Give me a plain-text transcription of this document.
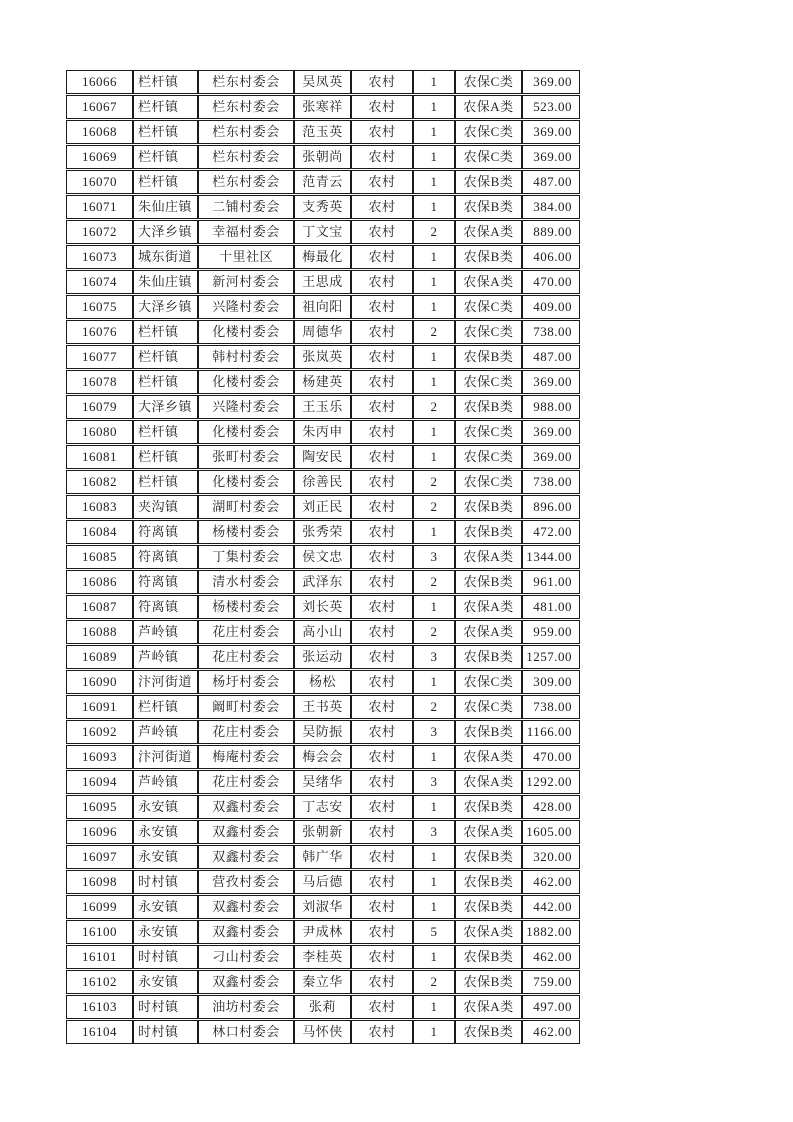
16066	栏杆镇	栏东村委会	吴凤英	农村	1	农保C类	369.00
16067	栏杆镇	栏东村委会	张寒祥	农村	1	农保A类	523.00
16068	栏杆镇	栏东村委会	范玉英	农村	1	农保C类	369.00
16069	栏杆镇	栏东村委会	张朝尚	农村	1	农保C类	369.00
16070	栏杆镇	栏东村委会	范青云	农村	1	农保B类	487.00
16071	朱仙庄镇	二铺村委会	支秀英	农村	1	农保B类	384.00
16072	大泽乡镇	幸福村委会	丁文宝	农村	2	农保A类	889.00
16073	城东街道	十里社区	梅最化	农村	1	农保B类	406.00
16074	朱仙庄镇	新河村委会	王思成	农村	1	农保A类	470.00
16075	大泽乡镇	兴隆村委会	祖向阳	农村	1	农保C类	409.00
16076	栏杆镇	化楼村委会	周德华	农村	2	农保C类	738.00
16077	栏杆镇	韩村村委会	张岚英	农村	1	农保B类	487.00
16078	栏杆镇	化楼村委会	杨建英	农村	1	农保C类	369.00
16079	大泽乡镇	兴隆村委会	王玉乐	农村	2	农保B类	988.00
16080	栏杆镇	化楼村委会	朱丙申	农村	1	农保C类	369.00
16081	栏杆镇	张町村委会	陶安民	农村	1	农保C类	369.00
16082	栏杆镇	化楼村委会	徐善民	农村	2	农保C类	738.00
16083	夹沟镇	湖町村委会	刘正民	农村	2	农保B类	896.00
16084	符离镇	杨楼村委会	张秀荣	农村	1	农保B类	472.00
16085	符离镇	丁集村委会	侯文忠	农村	3	农保A类	1344.00
16086	符离镇	清水村委会	武泽东	农村	2	农保B类	961.00
16087	符离镇	杨楼村委会	刘长英	农村	1	农保A类	481.00
16088	芦岭镇	花庄村委会	高小山	农村	2	农保A类	959.00
16089	芦岭镇	花庄村委会	张运动	农村	3	农保B类	1257.00
16090	汴河街道	杨圩村委会	杨松	农村	1	农保C类	309.00
16091	栏杆镇	阚町村委会	王书英	农村	2	农保C类	738.00
16092	芦岭镇	花庄村委会	吴防振	农村	3	农保B类	1166.00
16093	汴河街道	梅庵村委会	梅会会	农村	1	农保A类	470.00
16094	芦岭镇	花庄村委会	吴绪华	农村	3	农保A类	1292.00
16095	永安镇	双鑫村委会	丁志安	农村	1	农保B类	428.00
16096	永安镇	双鑫村委会	张朝新	农村	3	农保A类	1605.00
16097	永安镇	双鑫村委会	韩广华	农村	1	农保B类	320.00
16098	时村镇	营孜村委会	马后德	农村	1	农保B类	462.00
16099	永安镇	双鑫村委会	刘淑华	农村	1	农保B类	442.00
16100	永安镇	双鑫村委会	尹成林	农村	5	农保A类	1882.00
16101	时村镇	刁山村委会	李桂英	农村	1	农保B类	462.00
16102	永安镇	双鑫村委会	秦立华	农村	2	农保B类	759.00
16103	时村镇	油坊村委会	张莉	农村	1	农保A类	497.00
16104	时村镇	林口村委会	马怀侠	农村	1	农保B类	462.00
